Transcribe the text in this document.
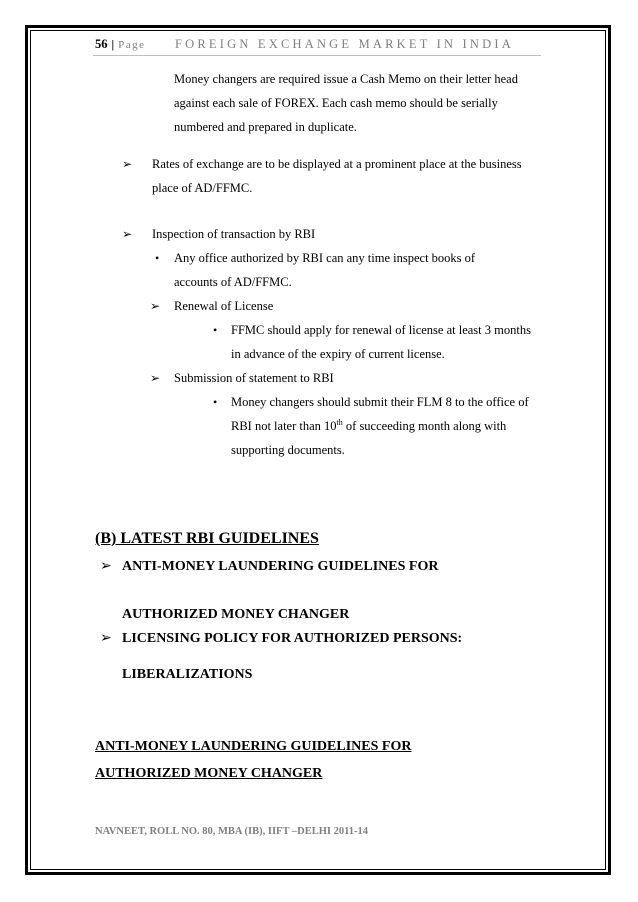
56 | Page FOREIGN EXCHANGE MARKET IN INDIA
Money changers are required issue a Cash Memo on their letter head
against each sale of FOREX. Each cash memo should be serially
numbered and prepared in duplicate.
➢ Rates of exchange are to be displayed at a prominent place at the business
place of AD/FFMC.
➢ Inspection of transaction by RBI
• Any office authorized by RBI can any time inspect books of
accounts of AD/FFMC.
➢ Renewal of License
• FFMC should apply for renewal of license at least 3 months
in advance of the expiry of current license.
➢ Submission of statement to RBI
• Money changers should submit their FLM 8 to the office of
RBI not later than 10th of succeeding month along with
supporting documents.
(B) LATEST RBI GUIDELINES
➢ ANTI-MONEY LAUNDERING GUIDELINES FOR
AUTHORIZED MONEY CHANGER
➢ LICENSING POLICY FOR AUTHORIZED PERSONS:
LIBERALIZATIONS
ANTI-MONEY LAUNDERING GUIDELINES FOR
AUTHORIZED MONEY CHANGER
NAVNEET, ROLL NO. 80, MBA (IB), IIFT –DELHI 2011-14
